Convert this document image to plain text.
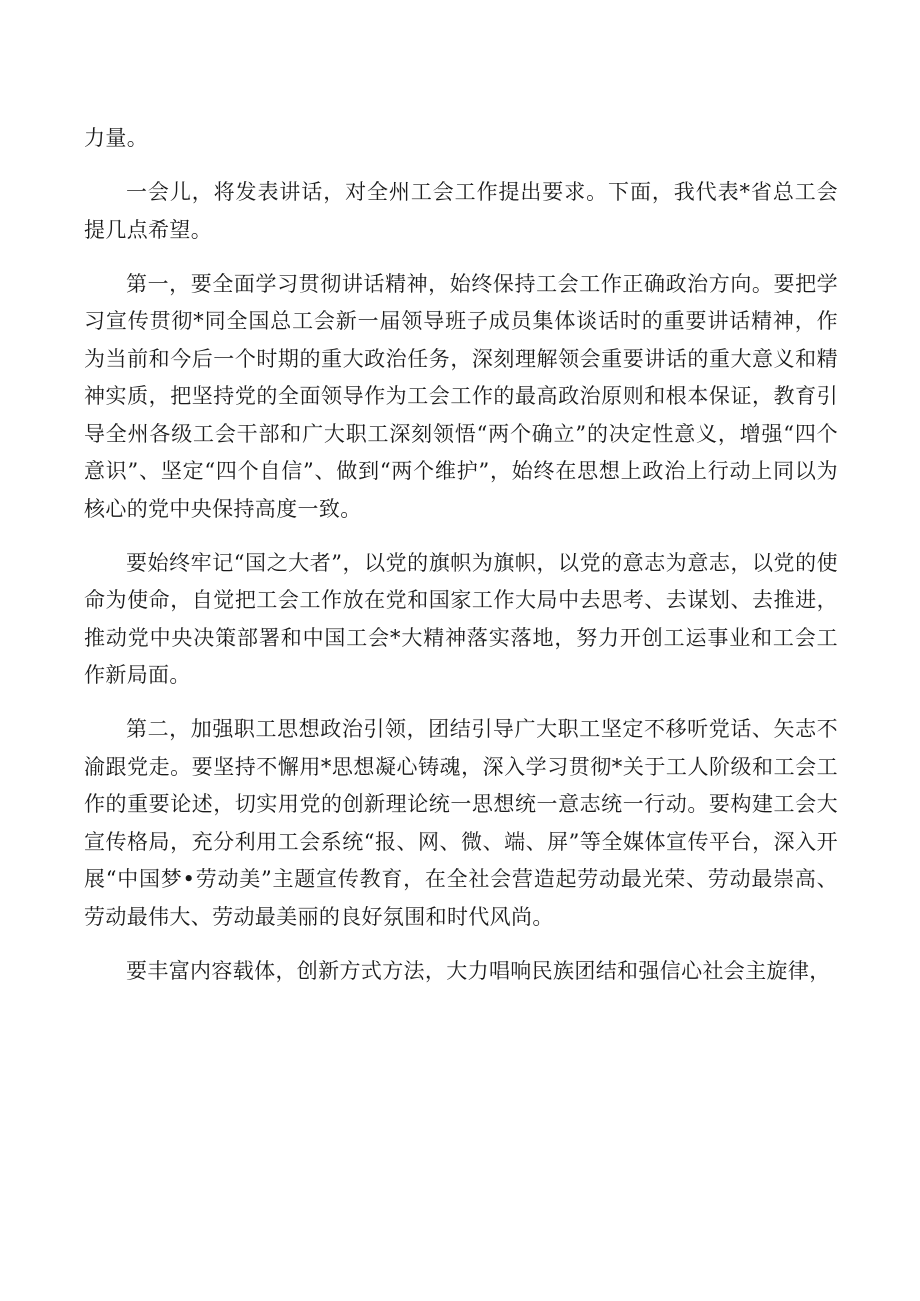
力量。

一会儿，将发表讲话，对全州工会工作提出要求。下面，我代表*省总工会提几点希望。

第一，要全面学习贯彻讲话精神，始终保持工会工作正确政治方向。要把学习宣传贯彻*同全国总工会新一届领导班子成员集体谈话时的重要讲话精神，作为当前和今后一个时期的重大政治任务，深刻理解领会重要讲话的重大意义和精神实质，把坚持党的全面领导作为工会工作的最高政治原则和根本保证，教育引导全州各级工会干部和广大职工深刻领悟“两个确立”的决定性意义，增强“四个意识”、坚定“四个自信”、做到“两个维护”，始终在思想上政治上行动上同以为核心的党中央保持高度一致。

要始终牢记“国之大者”，以党的旗帜为旗帜，以党的意志为意志，以党的使命为使命，自觉把工会工作放在党和国家工作大局中去思考、去谋划、去推进，推动党中央决策部署和中国工会*大精神落实落地，努力开创工运事业和工会工作新局面。

第二，加强职工思想政治引领，团结引导广大职工坚定不移听党话、矢志不渝跟党走。要坚持不懈用*思想凝心铸魂，深入学习贯彻*关于工人阶级和工会工作的重要论述，切实用党的创新理论统一思想统一意志统一行动。要构建工会大宣传格局，充分利用工会系统“报、网、微、端、屏”等全媒体宣传平台，深入开展“中国梦•劳动美”主题宣传教育，在全社会营造起劳动最光荣、劳动最崇高、劳动最伟大、劳动最美丽的良好氛围和时代风尚。

要丰富内容载体，创新方式方法，大力唱响民族团结和强信心社会主旋律，
